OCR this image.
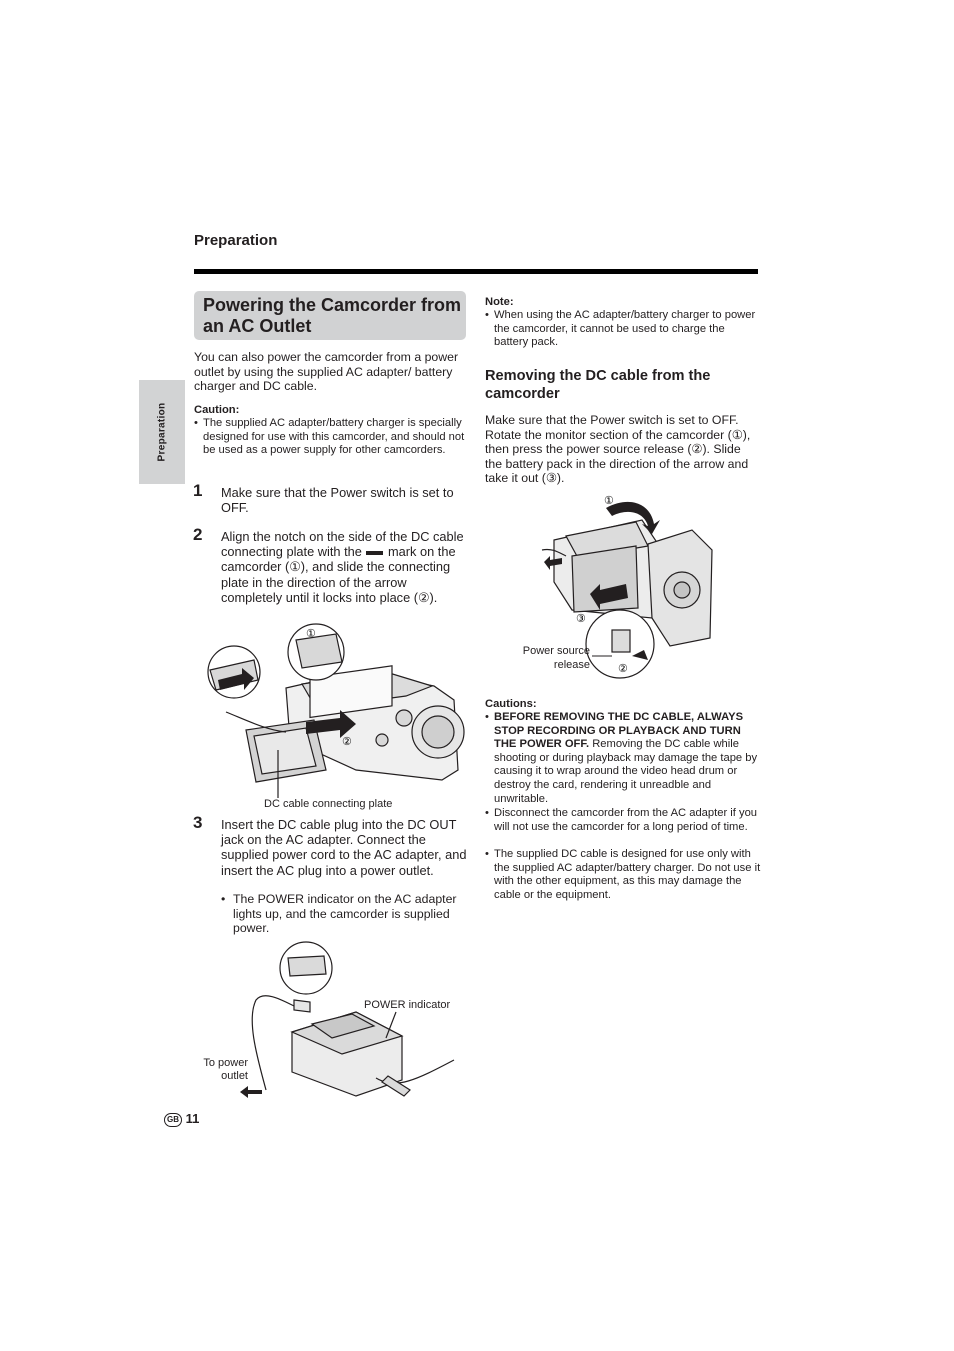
Preparation
Preparation
Powering the Camcorder from an AC Outlet
You can also power the camcorder from a power outlet by using the supplied AC adapter/ battery charger and DC cable.
Caution:
• The supplied AC adapter/battery charger is specially designed for use with this camcorder, and should not be used as a power supply for other camcorders.
1 Make sure that the Power switch is set to OFF.
2 Align the notch on the side of the DC cable connecting plate with the mark on the camcorder (①), and slide the connecting plate in the direction of the arrow completely until it locks into place (②).
①
②
DC cable connecting plate
3 Insert the DC cable plug into the DC OUT jack on the AC adapter. Connect the supplied power cord to the AC adapter, and insert the AC plug into a power outlet.
• The POWER indicator on the AC adapter lights up, and the camcorder is supplied power.
POWER indicator
To power
outlet
Note:
• When using the AC adapter/battery charger to power the camcorder, it cannot be used to charge the battery pack.
Removing the DC cable from the camcorder
Make sure that the Power switch is set to OFF. Rotate the monitor section of the camcorder (①), then press the power source release (②). Slide the battery pack in the direction of the arrow and take it out (③).
①
③
②
Power source
release
Cautions:
• BEFORE REMOVING THE DC CABLE, ALWAYS STOP RECORDING OR PLAYBACK AND TURN THE POWER OFF. Removing the DC cable while shooting or during playback may damage the tape by causing it to wrap around the video head drum or destroy the card, rendering it unreadble and unwritable.
• Disconnect the camcorder from the AC adapter if you will not use the camcorder for a long period of time.
• The supplied DC cable is designed for use only with the supplied AC adapter/battery charger. Do not use it with the other equipment, as this may damage the cable or the equipment.
GB 11
